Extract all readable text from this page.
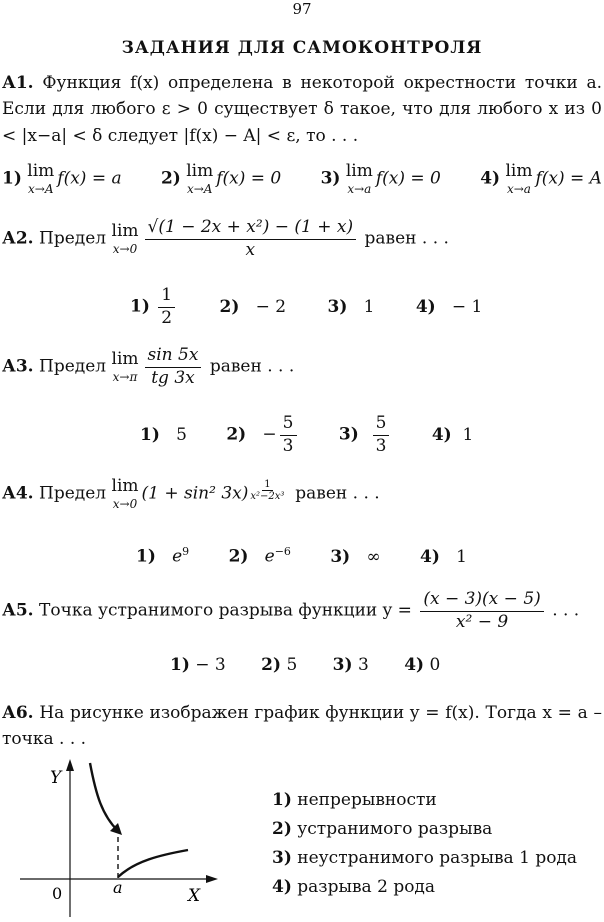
97
ЗАДАНИЯ ДЛЯ САМОКОНТРОЛЯ
А1. Функция f(x) определена в некоторой окрестности точки a. Если для любого ε > 0 существует δ такое, что для любого x из 0 < |x−a| < δ следует |f(x) − A| < ε, то . . .
1) lim
x→A
f(x) = a 2) lim
x→A
f(x) = 0 3) lim
x→a
f(x) = 0 4) lim
x→a
f(x) = A
А2. Предел lim
$x\to 0 \frac{\text{√(1 − 2x + x²) − (1 + x)}}{x}$ равен . . .
$1) \frac{1}{2}$	2) − 2 3) 1 4) − 1
А3. Предел lim
$x\to\pi \frac{\sin 5x}{tg 3x}$ равен . . .
1) 5 $2) - \frac{5}{3} 3) \frac{5}{3} 4$) 1
А4. Предел lim
x→0
(1 + sin² $3x) \frac{1}{\text{x²−2x³}}$ равен . . .
1) $e^9$ 2) $e^{-6}$ 3) ∞ 4) 1
А5. Точка устранимого разрыва функции $y = \frac{(x - 3)(x - 5)}{\text{x² − 9}}$ . . .
1) − 3 2) 5 3) 3 4) 0
А6. На рисунке изображен график функции y = f(x). Тогда x = a – точка . . .
Y
X
0	a
1) непрерывности
2) устранимого разрыва
3) неустранимого разрыва 1 рода
4) разрыва 2 рода
